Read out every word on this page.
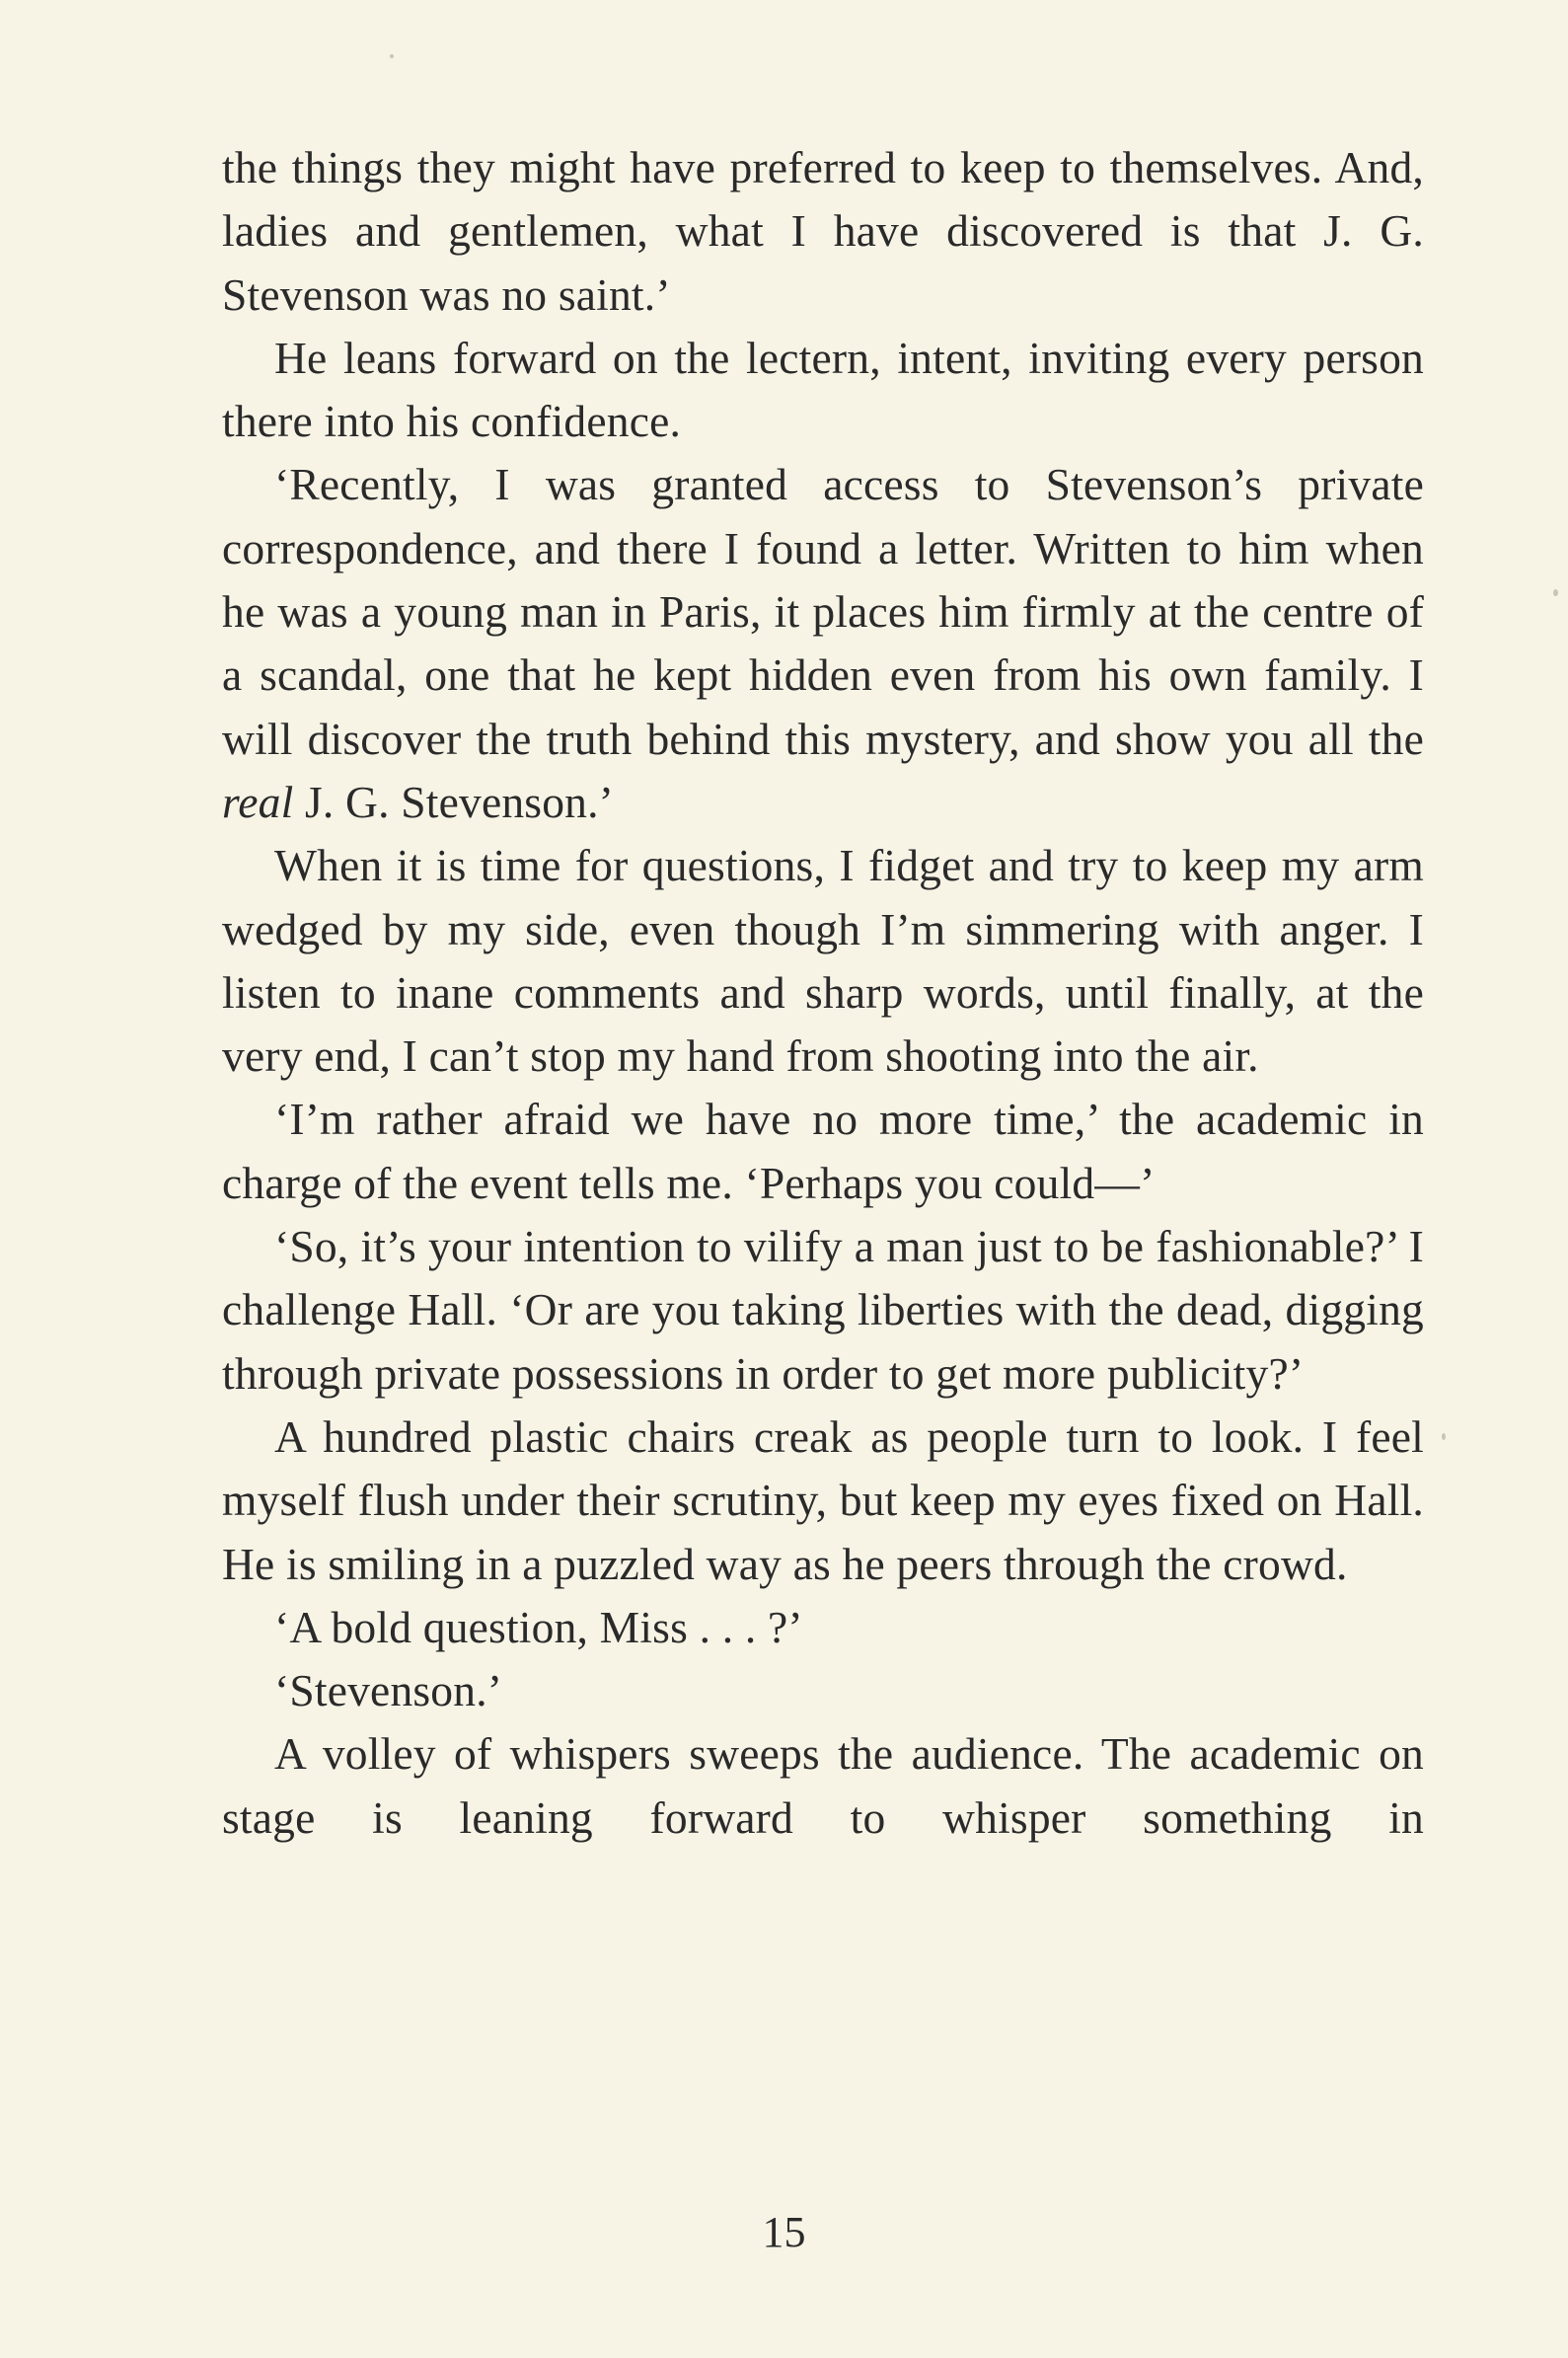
the things they might have preferred to keep to themselves. And, ladies and gentlemen, what I have discovered is that J. G. Stevenson was no saint.’

He leans forward on the lectern, intent, inviting every person there into his confidence.

‘Recently, I was granted access to Stevenson’s private correspondence, and there I found a letter. Written to him when he was a young man in Paris, it places him firmly at the centre of a scandal, one that he kept hidden even from his own family. I will discover the truth behind this mystery, and show you all the real J. G. Stevenson.’

When it is time for questions, I fidget and try to keep my arm wedged by my side, even though I’m simmering with anger. I listen to inane comments and sharp words, until finally, at the very end, I can’t stop my hand from shooting into the air.

‘I’m rather afraid we have no more time,’ the academic in charge of the event tells me. ‘Perhaps you could—’

‘So, it’s your intention to vilify a man just to be fashionable?’ I challenge Hall. ‘Or are you taking liberties with the dead, digging through private possessions in order to get more publicity?’

A hundred plastic chairs creak as people turn to look. I feel myself flush under their scrutiny, but keep my eyes fixed on Hall. He is smiling in a puzzled way as he peers through the crowd.

‘A bold question, Miss . . . ?’

‘Stevenson.’

A volley of whispers sweeps the audience. The academic on stage is leaning forward to whisper something in

15
